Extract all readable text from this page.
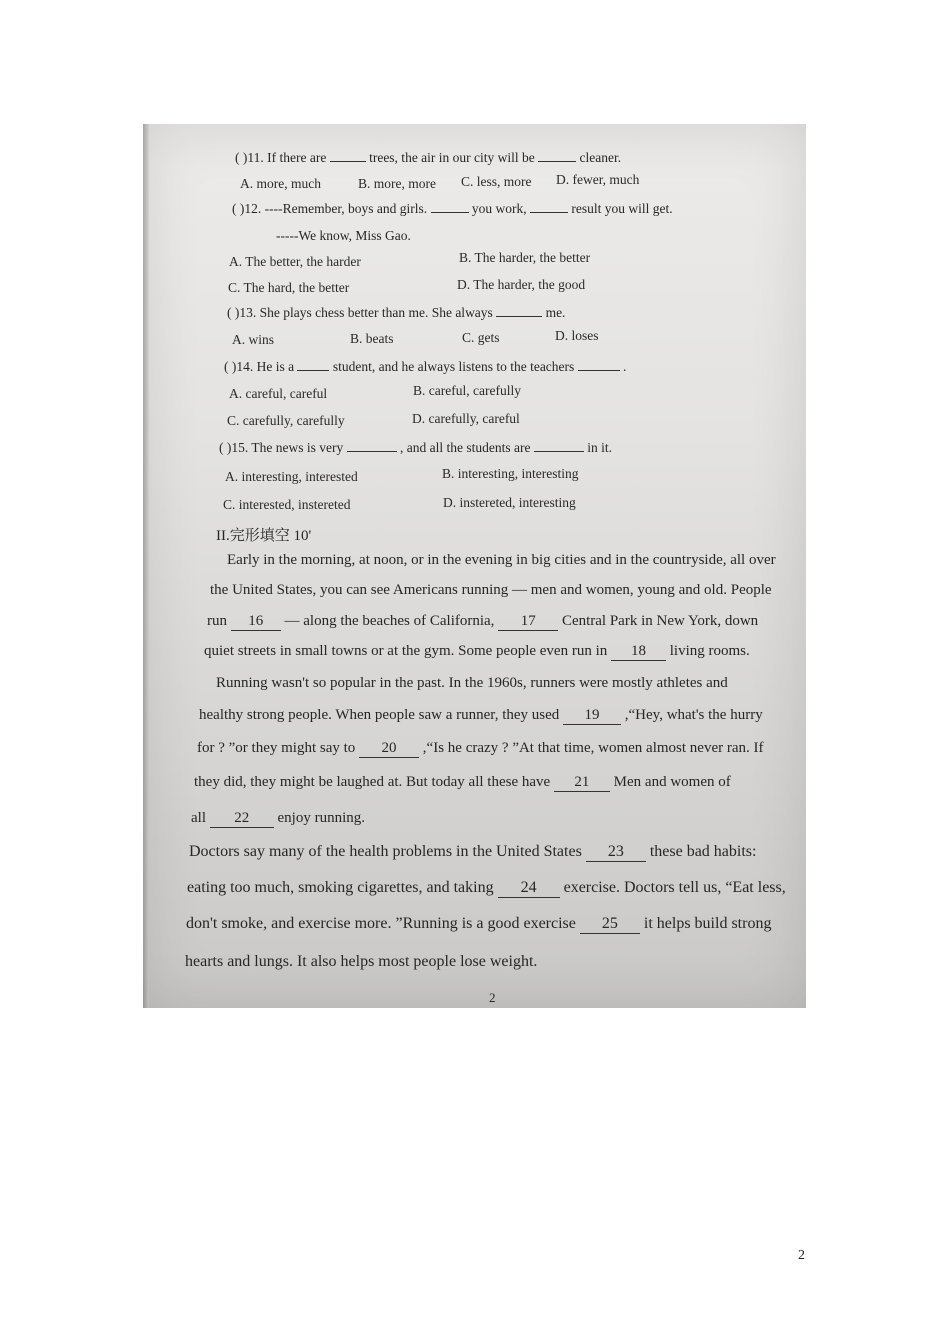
( )11. If there are	trees, the air in our city will be	cleaner.
A. more, much	B. more, more C. less, more D. fewer, much
( )12. ----Remember, boys and girls.	you work,	result you will get.
-----We know, Miss Gao.
A. The better, the harder	B. The harder, the better
C. The hard, the better	D. The harder, the good
( )13. She plays chess better than me. She always	me.
A. wins	B. beats	C. gets	D. loses
( )14. He is a	student, and he always listens to the teachers	.
A. careful, careful	B. careful, carefully
C. carefully, carefully	D. carefully, careful
( )15. The news is very	, and all the students are	in it.
A. interesting, interested	B. interesting, interesting
C. interested, instereted	D. instereted, interesting
II.完形填空 10'
Early in the morning, at noon, or in the evening in big cities and in the countryside, all over
the United States, you can see Americans running — men and women, young and old. People
run 16 — along the beaches of California, 17 Central Park in New York, down
quiet streets in small towns or at the gym. Some people even run in 18 living rooms.
Running wasn't so popular in the past. In the 1960s, runners were mostly athletes and
healthy strong people. When people saw a runner, they used 19 ,“Hey, what's the hurry
for ? ”or they might say to 20 ,“Is he crazy ? ”At that time, women almost never ran. If
they did, they might be laughed at. But today all these have 21 Men and women of
all 22 enjoy running.
Doctors say many of the health problems in the United States 23 these bad habits:
eating too much, smoking cigarettes, and taking 24 exercise. Doctors tell us, “Eat less,
don't smoke, and exercise more. ”Running is a good exercise 25 it helps build strong
hearts and lungs. It also helps most people lose weight.
2
2
